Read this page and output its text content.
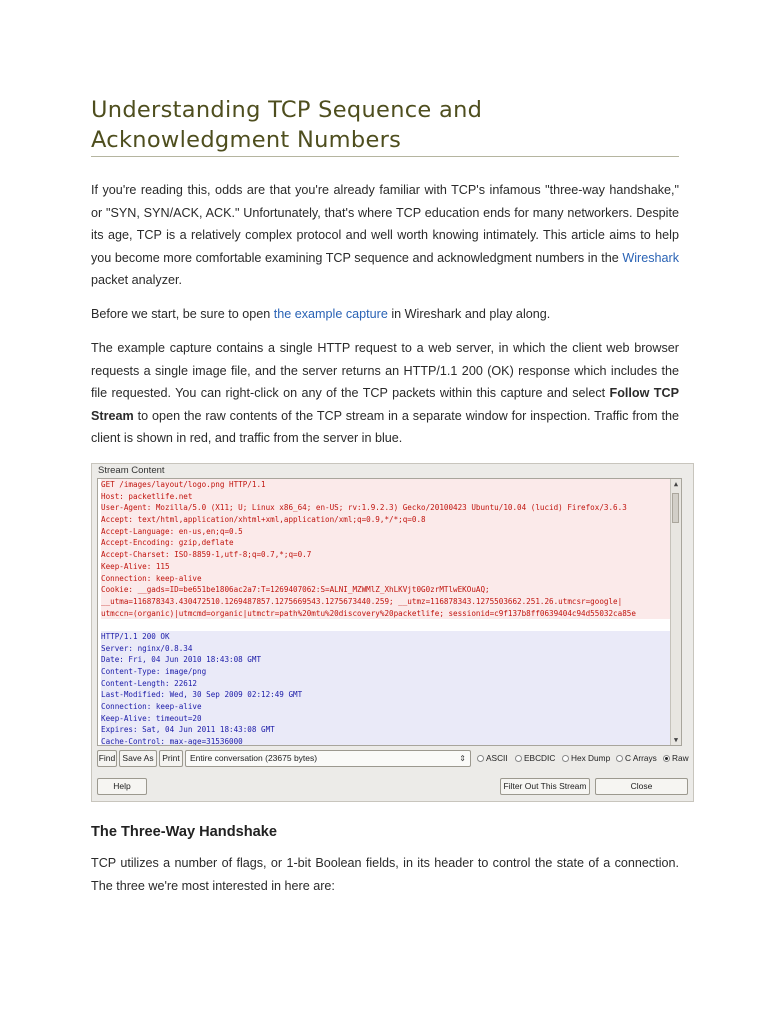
Understanding TCP Sequence and
Acknowledgment Numbers

If you're reading this, odds are that you're already familiar with TCP's infamous "three-way handshake," or "SYN, SYN/ACK, ACK." Unfortunately, that's where TCP education ends for many networkers. Despite its age, TCP is a relatively complex protocol and well worth knowing intimately. This article aims to help you become more comfortable examining TCP sequence and acknowledgment numbers in the Wireshark packet analyzer.

Before we start, be sure to open the example capture in Wireshark and play along.

The example capture contains a single HTTP request to a web server, in which the client web browser requests a single image file, and the server returns an HTTP/1.1 200 (OK) response which includes the file requested. You can right-click on any of the TCP packets within this capture and select Follow TCP Stream to open the raw contents of the TCP stream in a separate window for inspection. Traffic from the client is shown in red, and traffic from the server in blue.

Stream Content
GET /images/layout/logo.png HTTP/1.1
Host: packetlife.net
User-Agent: Mozilla/5.0 (X11; U; Linux x86_64; en-US; rv:1.9.2.3) Gecko/20100423 Ubuntu/10.04 (lucid) Firefox/3.6.3
Accept: text/html,application/xhtml+xml,application/xml;q=0.9,*/*;q=0.8
Accept-Language: en-us,en;q=0.5
Accept-Encoding: gzip,deflate
Accept-Charset: ISO-8859-1,utf-8;q=0.7,*;q=0.7
Keep-Alive: 115
Connection: keep-alive
Cookie: __gads=ID=be651be1806ac2a7:T=1269407062:S=ALNI_MZWMlZ_XhLKVjt0G0zrMTlwEKOuAQ;
__utma=116878343.430472510.1269487857.1275669543.1275673440.259; __utmz=116878343.1275503662.251.26.utmcsr=google|
utmccn=(organic)|utmcmd=organic|utmctr=path%20mtu%20discovery%20packetlife; sessionid=c9f137b8ff0639404c94d55032ca85e
HTTP/1.1 200 OK
Server: nginx/0.8.34
Date: Fri, 04 Jun 2010 18:43:08 GMT
Content-Type: image/png
Content-Length: 22612
Last-Modified: Wed, 30 Sep 2009 02:12:49 GMT
Connection: keep-alive
Keep-Alive: timeout=20
Expires: Sat, 04 Jun 2011 18:43:08 GMT
Cache-Control: max-age=31536000
▲
▼
Find Save As	Print	Entire conversation (23675 bytes)	⇕	ASCII	EBCDIC	Hex Dump	C Arrays	Raw
Help	Filter Out This Stream	Close
The Three-Way Handshake

TCP utilizes a number of flags, or 1-bit Boolean fields, in its header to control the state of a connection. The three we're most interested in here are:
